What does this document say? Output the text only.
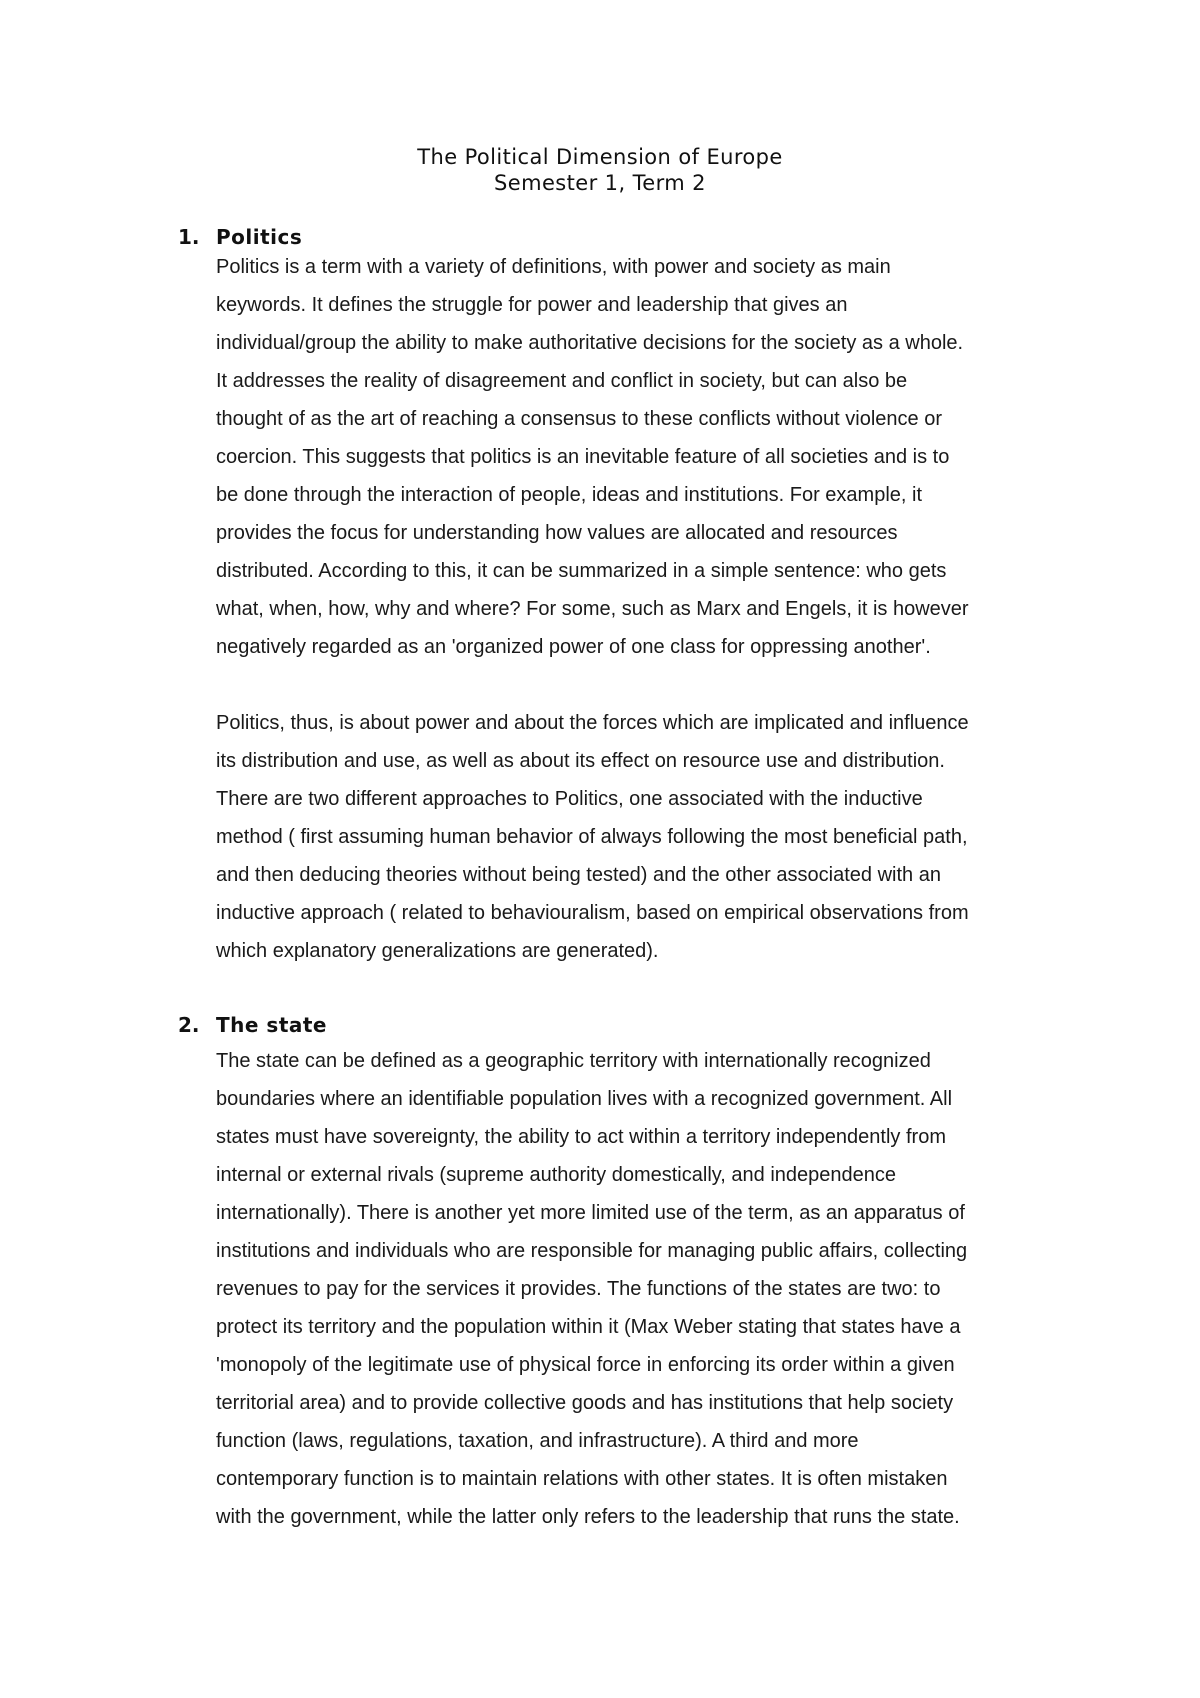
The Political Dimension of Europe
Semester 1, Term 2
1. Politics
Politics is a term with a variety of definitions, with power and society as main
keywords. It defines the struggle for power and leadership that gives an
individual/group the ability to make authoritative decisions for the society as a whole.
It addresses the reality of disagreement and conflict in society, but can also be
thought of as the art of reaching a consensus to these conflicts without violence or
coercion. This suggests that politics is an inevitable feature of all societies and is to
be done through the interaction of people, ideas and institutions. For example, it
provides the focus for understanding how values are allocated and resources
distributed. According to this, it can be summarized in a simple sentence: who gets
what, when, how, why and where? For some, such as Marx and Engels, it is however
negatively regarded as an 'organized power of one class for oppressing another'.
Politics, thus, is about power and about the forces which are implicated and influence
its distribution and use, as well as about its effect on resource use and distribution.
There are two different approaches to Politics, one associated with the inductive
method ( first assuming human behavior of always following the most beneficial path,
and then deducing theories without being tested) and the other associated with an
inductive approach ( related to behaviouralism, based on empirical observations from
which explanatory generalizations are generated).
2. The state
The state can be defined as a geographic territory with internationally recognized
boundaries where an identifiable population lives with a recognized government. All
states must have sovereignty, the ability to act within a territory independently from
internal or external rivals (supreme authority domestically, and independence
internationally). There is another yet more limited use of the term, as an apparatus of
institutions and individuals who are responsible for managing public affairs, collecting
revenues to pay for the services it provides. The functions of the states are two: to
protect its territory and the population within it (Max Weber stating that states have a
'monopoly of the legitimate use of physical force in enforcing its order within a given
territorial area) and to provide collective goods and has institutions that help society
function (laws, regulations, taxation, and infrastructure). A third and more
contemporary function is to maintain relations with other states. It is often mistaken
with the government, while the latter only refers to the leadership that runs the state.
